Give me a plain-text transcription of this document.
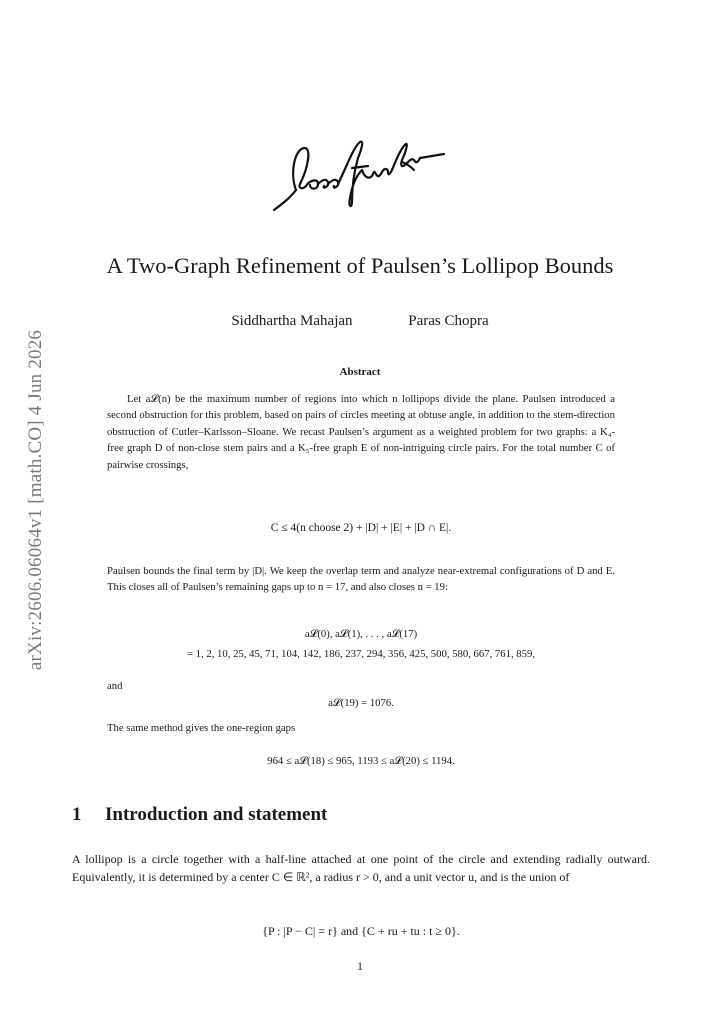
arXiv:2606.06064v1 [math.CO] 4 Jun 2026
A Two-Graph Refinement of Paulsen’s Lollipop Bounds
Siddhartha Mahajan	Paras Chopra
Abstract
Let a𝓛(n) be the maximum number of regions into which n lollipops divide the plane. Paulsen introduced a second obstruction for this problem, based on pairs of circles meeting at obtuse angle, in addition to the stem-direction obstruction of Cutler–Karlsson–Sloane. We recast Paulsen’s argument as a weighted problem for two graphs: a K₄-free graph D of non-close stem pairs and a K₅-free graph E of non-intriguing circle pairs. For the total number C of pairwise crossings,
C ≤ 4(n choose 2) + |D| + |E| + |D ∩ E|.
Paulsen bounds the final term by |D|. We keep the overlap term and analyze near-extremal configurations of D and E. This closes all of Paulsen’s remaining gaps up to n = 17, and also closes n = 19:
a𝓛(0), a𝓛(1), . . . , a𝓛(17)
= 1, 2, 10, 25, 45, 71, 104, 142, 186, 237, 294, 356, 425, 500, 580, 667, 761, 859,
and
a𝓛(19) = 1076.
The same method gives the one-region gaps
964 ≤ a𝓛(18) ≤ 965, 1193 ≤ a𝓛(20) ≤ 1194.
1 Introduction and statement
A lollipop is a circle together with a half-line attached at one point of the circle and extending radially outward. Equivalently, it is determined by a center C ∈ ℝ², a radius r > 0, and a unit vector u, and is the union of
{P : |P − C| = r} and {C + ru + tu : t ≥ 0}.
1
